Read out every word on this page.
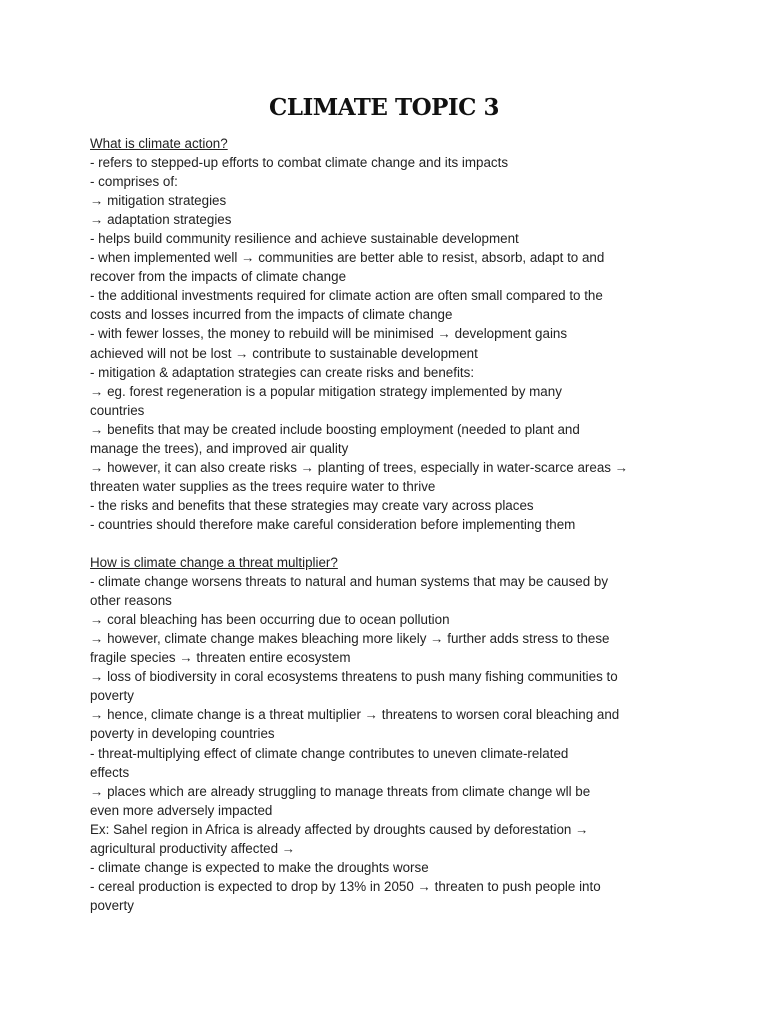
CLIMATE TOPIC 3
What is climate action?
- refers to stepped-up efforts to combat climate change and its impacts
- comprises of:
→ mitigation strategies
→ adaptation strategies
- helps build community resilience and achieve sustainable development
- when implemented well → communities are better able to resist, absorb, adapt to and
recover from the impacts of climate change
- the additional investments required for climate action are often small compared to the
costs and losses incurred from the impacts of climate change
- with fewer losses, the money to rebuild will be minimised → development gains
achieved will not be lost → contribute to sustainable development
- mitigation & adaptation strategies can create risks and benefits:
→ eg. forest regeneration is a popular mitigation strategy implemented by many
countries
→ benefits that may be created include boosting employment (needed to plant and
manage the trees), and improved air quality
→ however, it can also create risks → planting of trees, especially in water-scarce areas →
threaten water supplies as the trees require water to thrive
- the risks and benefits that these strategies may create vary across places
- countries should therefore make careful consideration before implementing them
How is climate change a threat multiplier?
- climate change worsens threats to natural and human systems that may be caused by
other reasons
→ coral bleaching has been occurring due to ocean pollution
→ however, climate change makes bleaching more likely → further adds stress to these
fragile species → threaten entire ecosystem
→ loss of biodiversity in coral ecosystems threatens to push many fishing communities to
poverty
→ hence, climate change is a threat multiplier → threatens to worsen coral bleaching and
poverty in developing countries
- threat-multiplying effect of climate change contributes to uneven climate-related
effects
→ places which are already struggling to manage threats from climate change wll be
even more adversely impacted
Ex: Sahel region in Africa is already affected by droughts caused by deforestation →
agricultural productivity affected →
- climate change is expected to make the droughts worse
- cereal production is expected to drop by 13% in 2050 → threaten to push people into
poverty
